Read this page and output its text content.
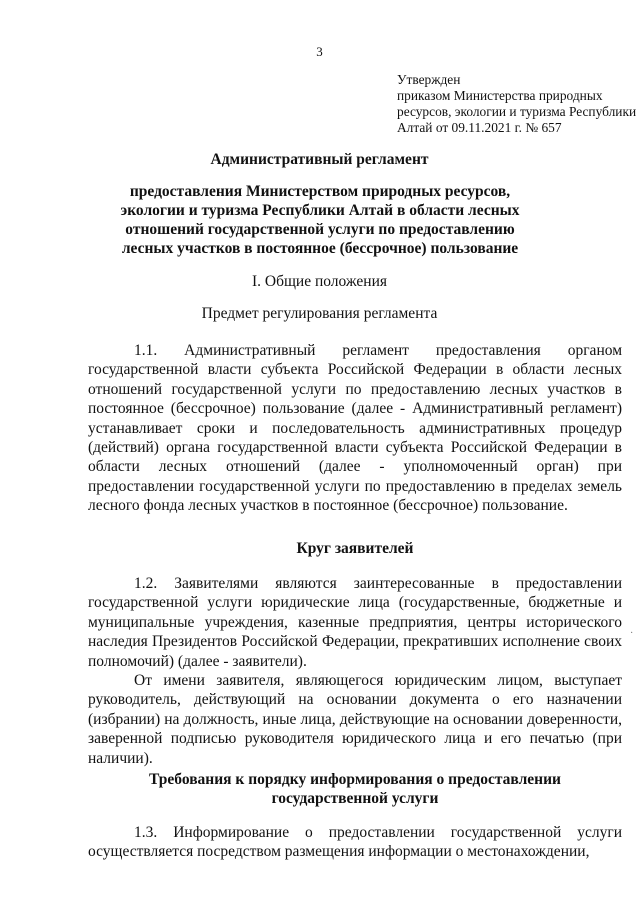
3
Утвержден
приказом Министерства природных
ресурсов, экологии и туризма Республики
Алтай от 09.11.2021 г. № 657
Административный регламент
предоставления Министерством природных ресурсов, экологии и туризма Республики Алтай в области лесных отношений государственной услуги по предоставлению лесных участков в постоянное (бессрочное) пользование
I. Общие положения
Предмет регулирования регламента
1.1. Административный регламент предоставления органом государственной власти субъекта Российской Федерации в области лесных отношений государственной услуги по предоставлению лесных участков в постоянное (бессрочное) пользование (далее - Административный регламент) устанавливает сроки и последовательность административных процедур (действий) органа государственной власти субъекта Российской Федерации в области лесных отношений (далее - уполномоченный орган) при предоставлении государственной услуги по предоставлению в пределах земель лесного фонда лесных участков в постоянное (бессрочное) пользование.
Круг заявителей
1.2. Заявителями являются заинтересованные в предоставлении государственной услуги юридические лица (государственные, бюджетные и муниципальные учреждения, казенные предприятия, центры исторического наследия Президентов Российской Федерации, прекративших исполнение своих полномочий) (далее - заявители).
От имени заявителя, являющегося юридическим лицом, выступает руководитель, действующий на основании документа о его назначении (избрании) на должность, иные лица, действующие на основании доверенности, заверенной подписью руководителя юридического лица и его печатью (при наличии).
Требования к порядку информирования о предоставлении государственной услуги
1.3. Информирование о предоставлении государственной услуги осуществляется посредством размещения информации о местонахождении,
·
